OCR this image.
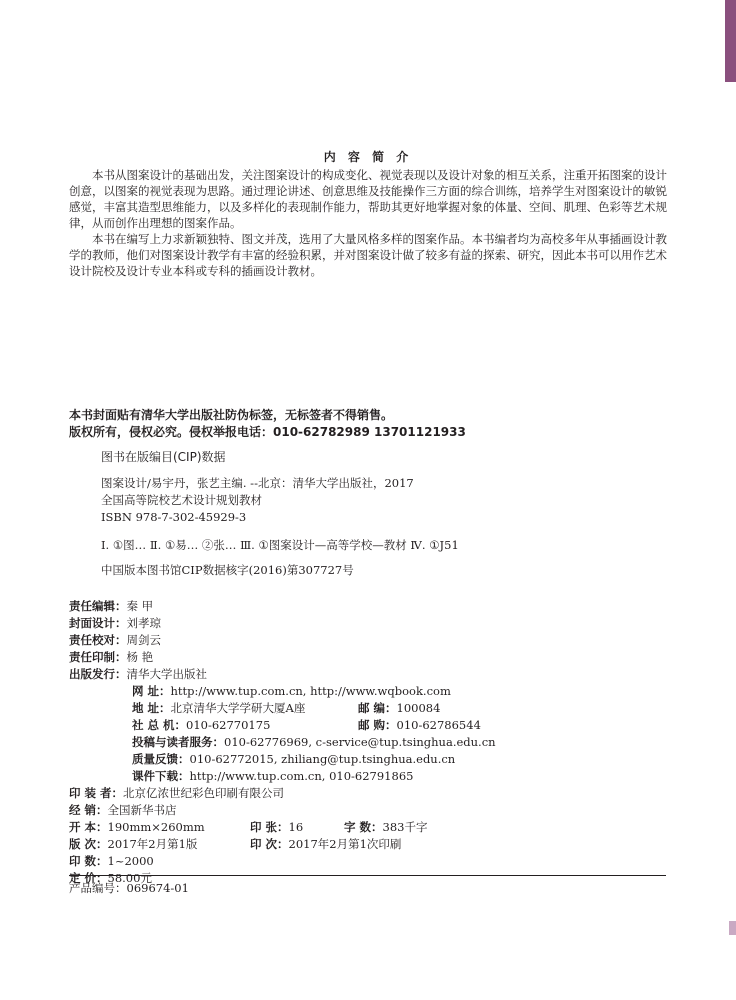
内 容 简 介

本书从图案设计的基础出发，关注图案设计的构成变化、视觉表现以及设计对象的相互关系，注重开拓图案的设计创意，以图案的视觉表现为思路。通过理论讲述、创意思维及技能操作三方面的综合训练，培养学生对图案设计的敏锐感觉，丰富其造型思维能力，以及多样化的表现制作能力，帮助其更好地掌握对象的体量、空间、肌理、色彩等艺术规律，从而创作出理想的图案作品。

本书在编写上力求新颖独特、图文并茂，选用了大量风格多样的图案作品。本书编者均为高校多年从事插画设计教学的教师，他们对图案设计教学有丰富的经验积累，并对图案设计做了较多有益的探索、研究，因此本书可以用作艺术设计院校及设计专业本科或专科的插画设计教材。

本书封面贴有清华大学出版社防伪标签，无标签者不得销售。
版权所有，侵权必究。侵权举报电话：010-62782989 13701121933
图书在版编目(CIP)数据
图案设计/易宇丹，张艺主编. --北京：清华大学出版社，2017
全国高等院校艺术设计规划教材
ISBN 978-7-302-45929-3
Ⅰ. ①图… Ⅱ. ①易… ②张… Ⅲ. ①图案设计—高等学校—教材 Ⅳ. ①J51
中国版本图书馆CIP数据核字(2016)第307727号
责任编辑：秦 甲
封面设计：刘孝琼
责任校对：周剑云
责任印制：杨 艳
出版发行：清华大学出版社
网 址：http://www.tup.com.cn, http://www.wqbook.com
地 址：北京清华大学学研大厦A座	邮 编：100084
社 总 机：010-62770175	邮 购：010-62786544
投稿与读者服务：010-62776969, c-service@tup.tsinghua.edu.cn
质量反馈：010-62772015, zhiliang@tup.tsinghua.edu.cn
课件下载：http://www.tup.com.cn, 010-62791865
印 装 者：北京亿浓世纪彩色印刷有限公司
经 销：全国新华书店
开 本：190mm×260mm	印 张：16	字 数：383千字
版 次：2017年2月第1版	印 次：2017年2月第1次印刷
印 数：1~2000
定 价：58.00元
产品编号：069674-01
